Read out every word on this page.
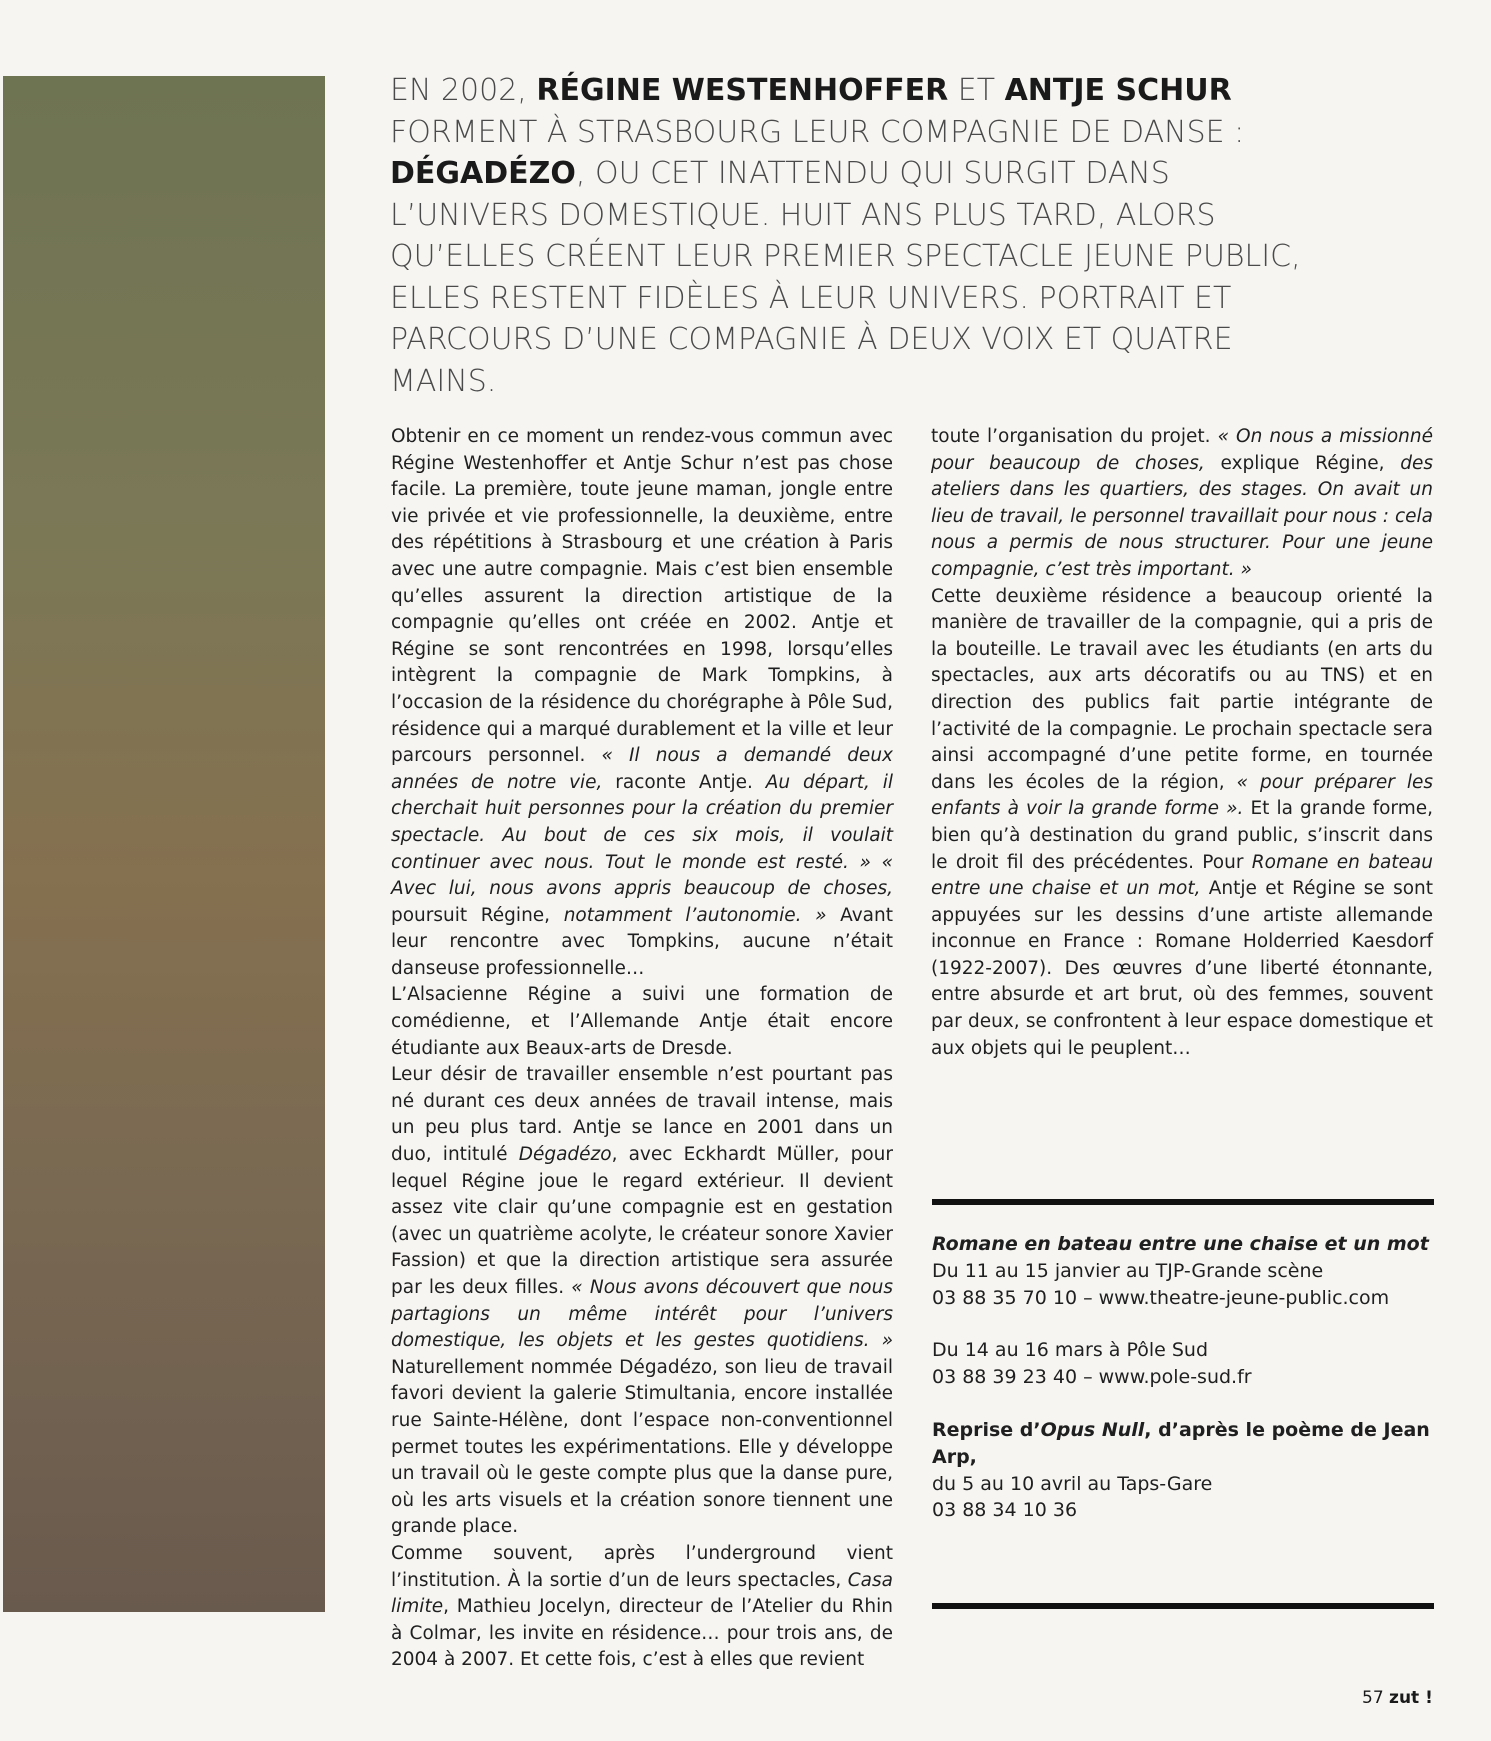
EN 2002, RÉGINE WESTENHOFFER ET ANTJE SCHUR FORMENT À STRASBOURG LEUR COMPAGNIE DE DANSE : DÉGADÉZO, OU CET INATTENDU QUI SURGIT DANS L’UNIVERS DOMESTIQUE. HUIT ANS PLUS TARD, ALORS QU’ELLES CRÉENT LEUR PREMIER SPECTACLE JEUNE PUBLIC, ELLES RESTENT FIDÈLES À LEUR UNIVERS. PORTRAIT ET PARCOURS D’UNE COMPAGNIE À DEUX VOIX ET QUATRE MAINS.

Obtenir en ce moment un rendez-vous commun avec Régine Westenhoffer et Antje Schur n’est pas chose facile. La première, toute jeune maman, jongle entre vie privée et vie professionnelle, la deuxième, entre des répétitions à Strasbourg et une création à Paris avec une autre compagnie. Mais c’est bien ensemble qu’elles assurent la direction artistique de la compagnie qu’elles ont créée en 2002. Antje et Régine se sont rencontrées en 1998, lorsqu’elles intègrent la compagnie de Mark Tompkins, à l’occasion de la résidence du chorégraphe à Pôle Sud, résidence qui a marqué durablement et la ville et leur parcours personnel. « Il nous a demandé deux années de notre vie, raconte Antje. Au départ, il cherchait huit personnes pour la création du premier spectacle. Au bout de ces six mois, il voulait continuer avec nous. Tout le monde est resté. » « Avec lui, nous avons appris beaucoup de choses, poursuit Régine, notamment l’autonomie. » Avant leur rencontre avec Tompkins, aucune n’était danseuse professionnelle…

L’Alsacienne Régine a suivi une formation de comédienne, et l’Allemande Antje était encore étudiante aux Beaux-arts de Dresde.

Leur désir de travailler ensemble n’est pourtant pas né durant ces deux années de travail intense, mais un peu plus tard. Antje se lance en 2001 dans un duo, intitulé Dégadézo, avec Eckhardt Müller, pour lequel Régine joue le regard extérieur. Il devient assez vite clair qu’une compagnie est en gestation (avec un quatrième acolyte, le créateur sonore Xavier Fassion) et que la direction artistique sera assurée par les deux filles. « Nous avons découvert que nous partagions un même intérêt pour l’univers domestique, les objets et les gestes quotidiens. » Naturellement nommée Dégadézo, son lieu de travail favori devient la galerie Stimultania, encore installée rue Sainte-Hélène, dont l’espace non-conventionnel permet toutes les expérimentations. Elle y développe un travail où le geste compte plus que la danse pure, où les arts visuels et la création sonore tiennent une grande place.

Comme souvent, après l’underground vient l’institution. À la sortie d’un de leurs spectacles, Casa limite, Mathieu Jocelyn, directeur de l’Atelier du Rhin à Colmar, les invite en résidence… pour trois ans, de 2004 à 2007. Et cette fois, c’est à elles que revient

toute l’organisation du projet. « On nous a missionné pour beaucoup de choses, explique Régine, des ateliers dans les quartiers, des stages. On avait un lieu de travail, le personnel travaillait pour nous : cela nous a permis de nous structurer. Pour une jeune compagnie, c’est très important. »

Cette deuxième résidence a beaucoup orienté la manière de travailler de la compagnie, qui a pris de la bouteille. Le travail avec les étudiants (en arts du spectacles, aux arts décoratifs ou au TNS) et en direction des publics fait partie intégrante de l’activité de la compagnie. Le prochain spectacle sera ainsi accompagné d’une petite forme, en tournée dans les écoles de la région, « pour préparer les enfants à voir la grande forme ». Et la grande forme, bien qu’à destination du grand public, s’inscrit dans le droit fil des précédentes. Pour Romane en bateau entre une chaise et un mot, Antje et Régine se sont appuyées sur les dessins d’une artiste allemande inconnue en France : Romane Holderried Kaesdorf (1922-2007). Des œuvres d’une liberté étonnante, entre absurde et art brut, où des femmes, souvent par deux, se confrontent à leur espace domestique et aux objets qui le peuplent…

Romane en bateau entre une chaise et un mot

Du 11 au 15 janvier au TJP-Grande scène

03 88 35 70 10 – www.theatre-jeune-public.com

Du 14 au 16 mars à Pôle Sud

03 88 39 23 40 – www.pole-sud.fr

Reprise d’Opus Null, d’après le poème de Jean Arp,

du 5 au 10 avril au Taps-Gare

03 88 34 10 36

57 zut !
